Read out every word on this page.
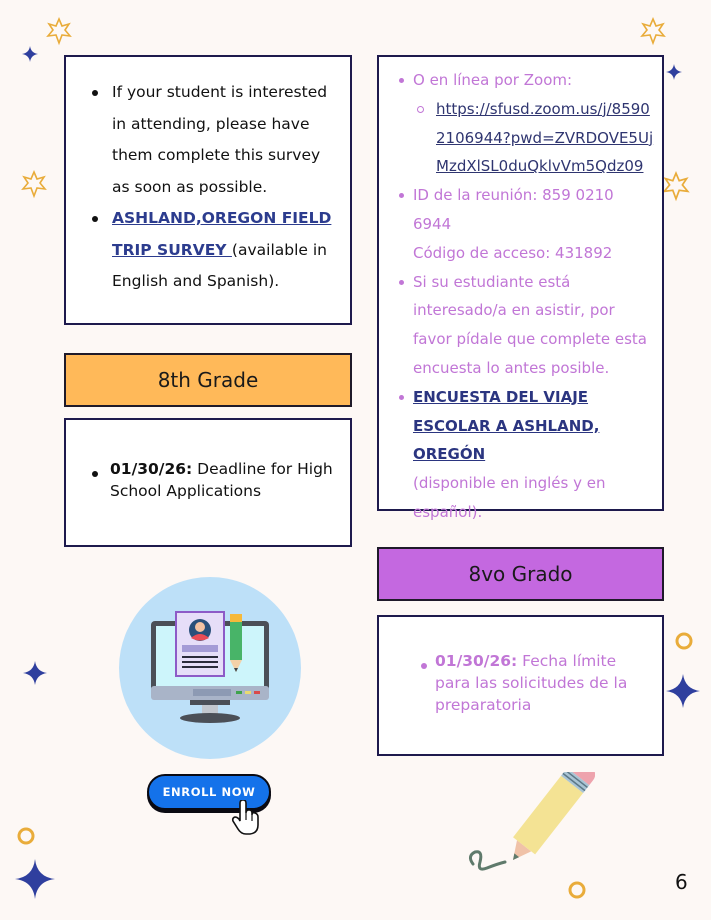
If your student is interested in attending, please have them complete this survey as soon as possible.
ASHLAND,OREGON FIELD TRIP SURVEY (available in English and Spanish).
8th Grade
01/30/26: Deadline for High School Applications
ENROLL NOW
O en línea por Zoom:
https://sfusd.zoom.us/j/85902106944?pwd=ZVRDOVE5UjMzdXlSL0duQklvVm5Qdz09
ID de la reunión: 859 0210 6944
Código de acceso: 431892
Si su estudiante está interesado/a en asistir, por favor pídale que complete esta encuesta lo antes posible.
ENCUESTA DEL VIAJE ESCOLAR A ASHLAND, OREGÓN
(disponible en inglés y en español).
8vo Grado
01/30/26: Fecha límite para las solicitudes de la preparatoria
6
